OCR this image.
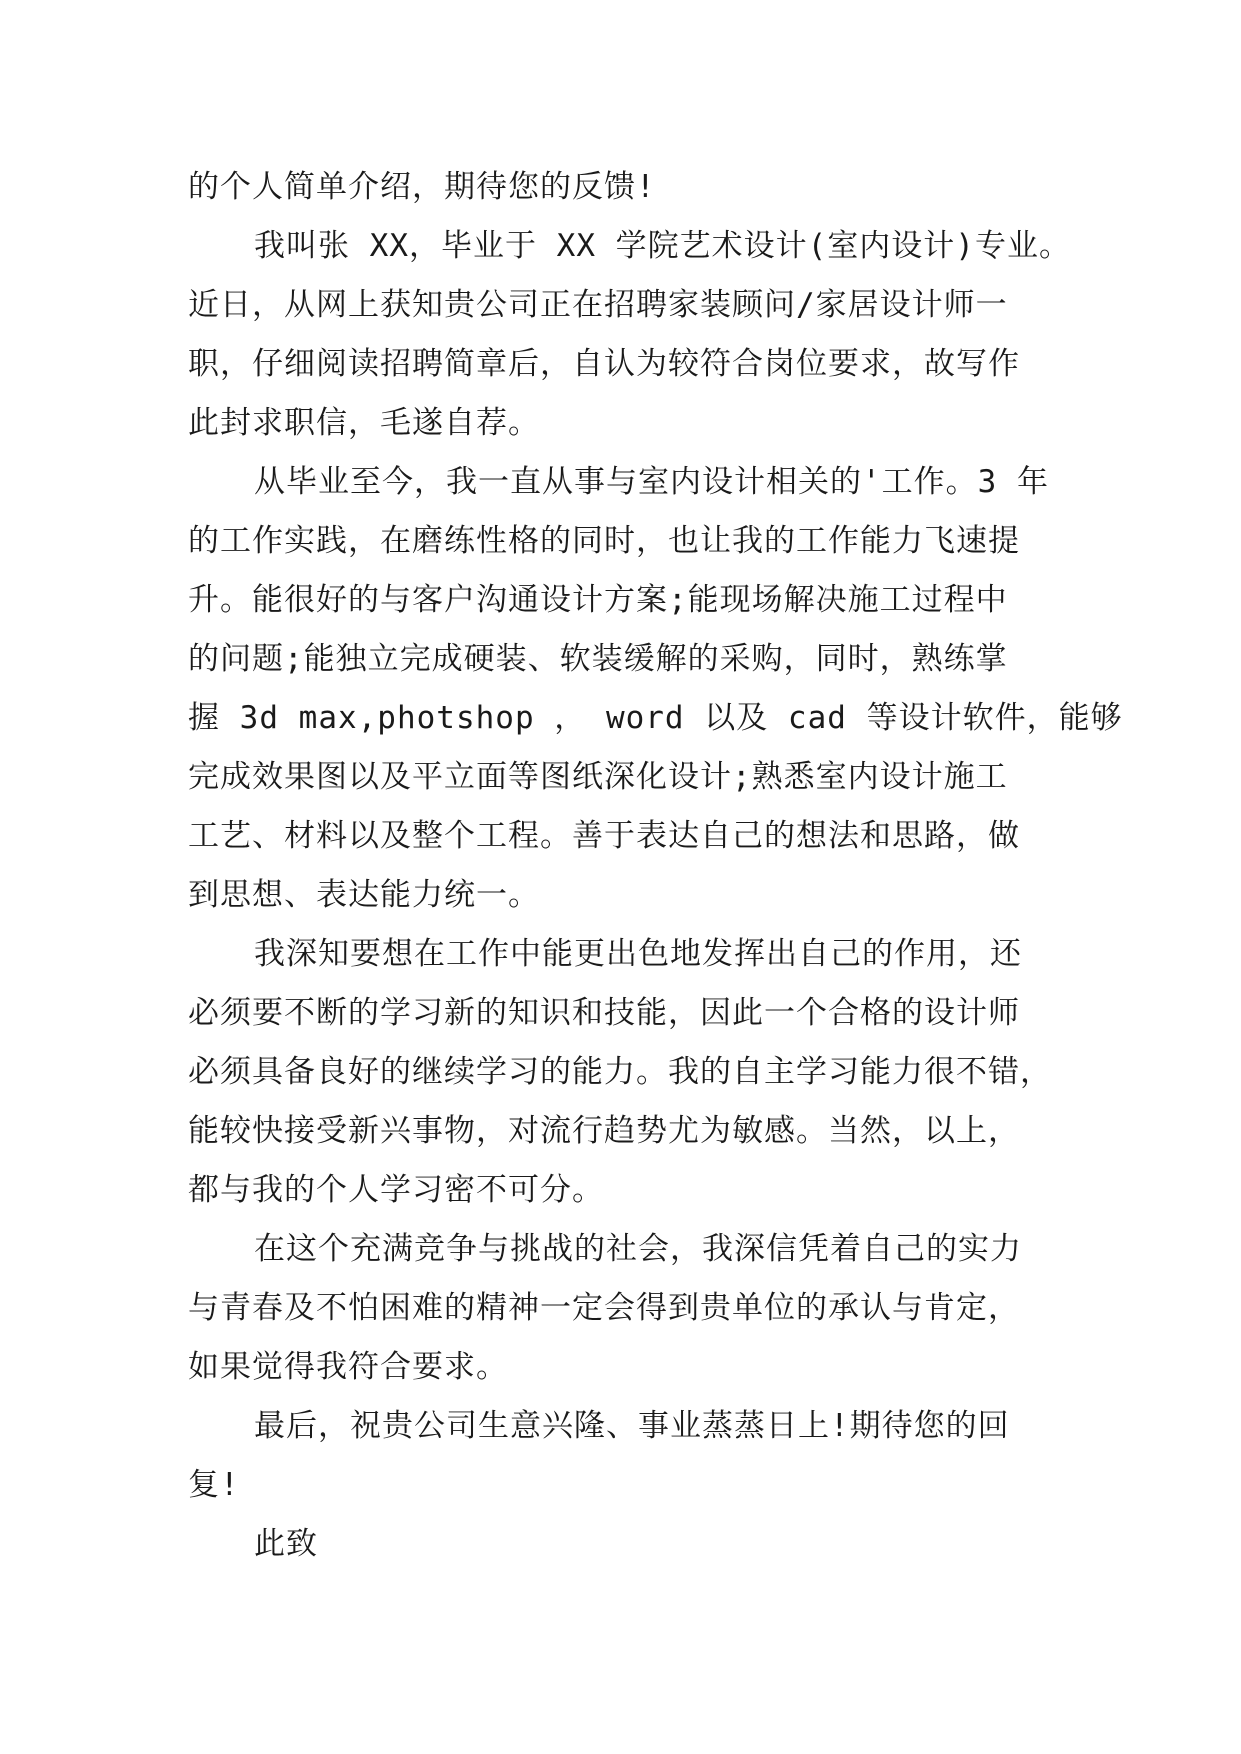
的个人简单介绍，期待您的反馈!
我叫张 XX，毕业于 XX 学院艺术设计(室内设计)专业。
近日，从网上获知贵公司正在招聘家装顾问/家居设计师一
职，仔细阅读招聘简章后，自认为较符合岗位要求，故写作
此封求职信，毛遂自荐。
从毕业至今，我一直从事与室内设计相关的'工作。3 年
的工作实践，在磨练性格的同时，也让我的工作能力飞速提
升。能很好的与客户沟通设计方案;能现场解决施工过程中
的问题;能独立完成硬装、软装缓解的采购，同时，熟练掌
握 3d max,photshop ， word 以及 cad 等设计软件，能够
完成效果图以及平立面等图纸深化设计;熟悉室内设计施工
工艺、材料以及整个工程。善于表达自己的想法和思路，做
到思想、表达能力统一。
我深知要想在工作中能更出色地发挥出自己的作用，还
必须要不断的学习新的知识和技能，因此一个合格的设计师
必须具备良好的继续学习的能力。我的自主学习能力很不错，
能较快接受新兴事物，对流行趋势尤为敏感。当然，以上，
都与我的个人学习密不可分。
在这个充满竞争与挑战的社会，我深信凭着自己的实力
与青春及不怕困难的精神一定会得到贵单位的承认与肯定，
如果觉得我符合要求。
最后，祝贵公司生意兴隆、事业蒸蒸日上!期待您的回
复!
此致
